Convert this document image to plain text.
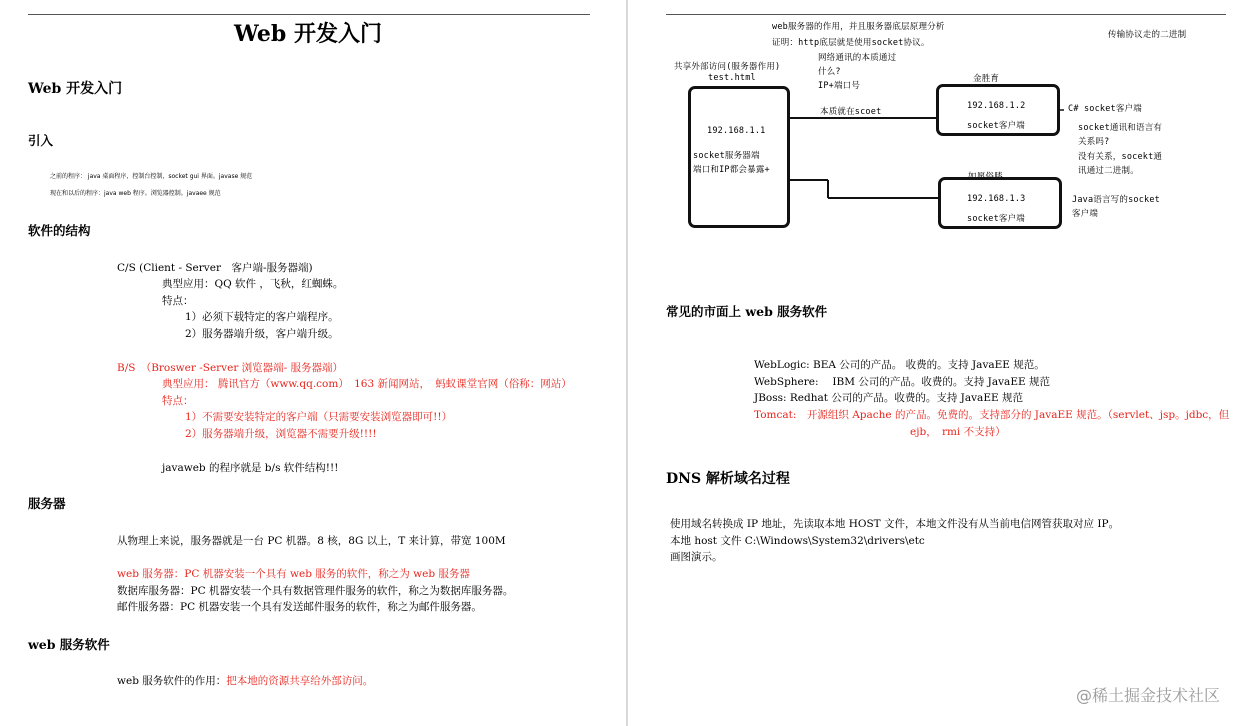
Web 开发入门
Web 开发入门
引入
之前的程序： java 桌面程序，控制台控制，socket gui 界面。javase 规范
现在和以后的程序：java web 程序。浏览器控制。javaee 规范
软件的结构
C/S (Client - Server　客户端-服务器端)
典型应用：QQ 软件 ，飞秋，红蜘蛛。
特点：
1）必须下载特定的客户端程序。
2）服务器端升级，客户端升级。
B/S　（Broswer -Server 浏览器端- 服务器端）
典型应用： 腾讯官方（www.qq.com）　163 新闻网站，　蚂蚁课堂官网（俗称：网站）
特点：
1）不需要安装特定的客户端（只需要安装浏览器即可!!）
2）服务器端升级，浏览器不需要升级!!!!
javaweb 的程序就是 b/s 软件结构!!!
服务器
从物理上来说，服务器就是一台 PC 机器。8 核，8G 以上，T 来计算，带宽 100M
web 服务器：PC 机器安装一个具有 web 服务的软件，称之为 web 服务器
数据库服务器：PC 机器安装一个具有数据管理件服务的软件，称之为数据库服务器。
邮件服务器：PC 机器安装一个具有发送邮件服务的软件，称之为邮件服务器。
web 服务软件
web 服务软件的作用：把本地的资源共享给外部访问。
web服务器的作用，并且服务器底层原理分析
证明：http底层就是使用socket协议。
传输协议走的二进制
网络通讯的本质通过
什么?
IP+端口号
共享外部访问(服务器作用)
test.html	金胜育
本质就在scoet
192.168.1.1
socket服务器端
端口和IP都会暴露+
192.168.1.2
socket客户端
如愿俗膝
192.168.1.3
socket客户端
C# socket客户端
socket通讯和语言有
关系吗?
没有关系，socekt通
讯通过二进制。
Java语言写的socket
客户端
常见的市面上 web 服务软件
WebLogic: BEA 公司的产品。 收费的。支持 JavaEE 规范。
WebSphere:　 IBM 公司的产品。收费的。支持 JavaEE 规范
JBoss: Redhat 公司的产品。收费的。支持 JavaEE 规范
Tomcat:　开源组织 Apache 的产品。免费的。支持部分的 JavaEE 规范。（servlet、jsp。jdbc，但
ejb，　rmi 不支持）
DNS 解析域名过程
使用域名转换成 IP 地址，先读取本地 HOST 文件，本地文件没有从当前电信网管获取对应 IP。
本地 host 文件 C:\Windows\System32\drivers\etc
画图演示。
@稀土掘金技术社区
